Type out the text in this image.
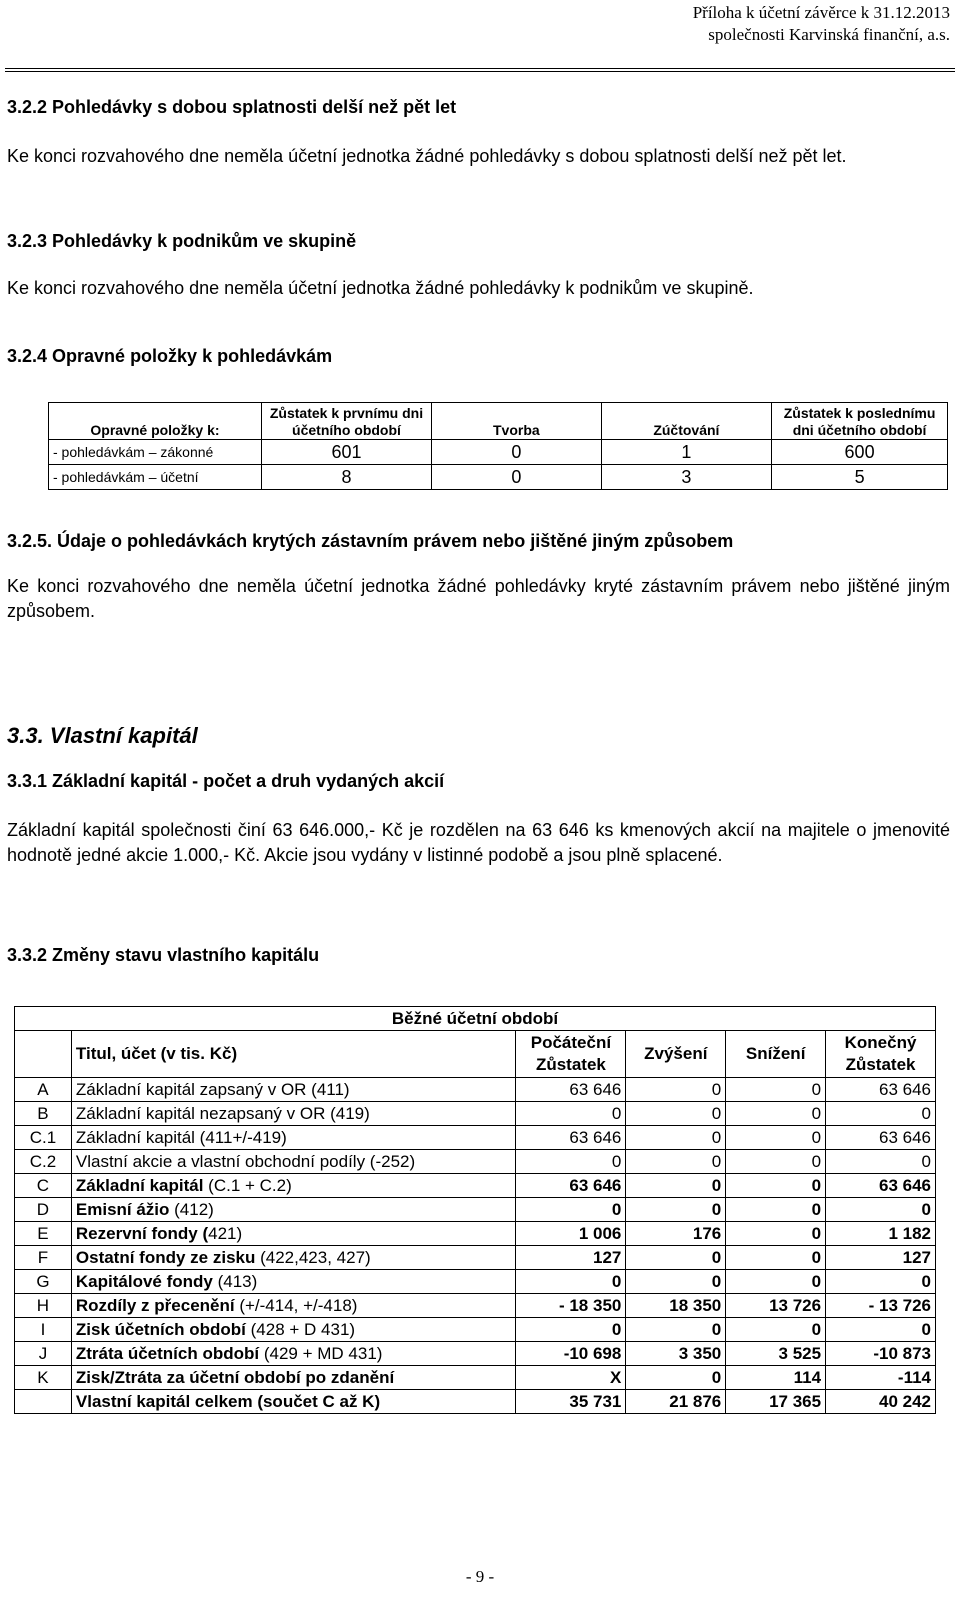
Příloha k účetní závěrce k 31.12.2013
společnosti Karvinská finanční, a.s.
3.2.2 Pohledávky s dobou splatnosti delší než pět let
Ke konci rozvahového dne neměla účetní jednotka žádné pohledávky s dobou splatnosti delší než pět let.
3.2.3 Pohledávky k podnikům ve skupině
Ke konci rozvahového dne neměla účetní jednotka žádné pohledávky k podnikům ve skupině.
3.2.4 Opravné položky k pohledávkám
Opravné položky k:	Zůstatek k prvnímu dni účetního období	Tvorba	Zúčtování	Zůstatek k poslednímu dni účetního období
- pohledávkám – zákonné	601	0	1	600
- pohledávkám – účetní	8	0	3	5
3.2.5. Údaje o pohledávkách krytých zástavním právem nebo jištěné jiným způsobem
Ke konci rozvahového dne neměla účetní jednotka žádné pohledávky kryté zástavním právem nebo jištěné jiným způsobem.
3.3. Vlastní kapitál
3.3.1 Základní kapitál - počet a druh vydaných akcií
Základní kapitál společnosti činí 63 646.000,- Kč je rozdělen na 63 646 ks kmenových akcií na majitele o jmenovité hodnotě jedné akcie 1.000,- Kč. Akcie jsou vydány v listinné podobě a jsou plně splacené.
3.3.2 Změny stavu vlastního kapitálu
Běžné účetní období					
	Titul, účet (v tis. Kč)	Počáteční Zůstatek	Zvýšení	Snížení	Konečný Zůstatek
A	Základní kapitál zapsaný v OR (411)	63 646	0	0	63 646
B	Základní kapitál nezapsaný v OR (419)	0	0	0	0
C.1	Základní kapitál (411+/-419)	63 646	0	0	63 646
C.2	Vlastní akcie a vlastní obchodní podíly (-252)	0	0	0	0
C	Základní kapitál (C.1 + C.2)	63 646	0	0	63 646
D	Emisní ážio (412)	0	0	0	0
E	Rezervní fondy (421)	1 006	176	0	1 182
F	Ostatní fondy ze zisku (422,423, 427)	127	0	0	127
G	Kapitálové fondy (413)	0	0	0	0
H	Rozdíly z přecenění (+/-414, +/-418)	- 18 350	18 350	13 726	- 13 726
I	Zisk účetních období (428 + D 431)	0	0	0	0
J	Ztráta účetních období (429 + MD 431)	-10 698	3 350	3 525	-10 873
K	Zisk/Ztráta za účetní období po zdanění	X	0	114	-114
	Vlastní kapitál celkem (součet C až K)	35 731	21 876	17 365	40 242
- 9 -
